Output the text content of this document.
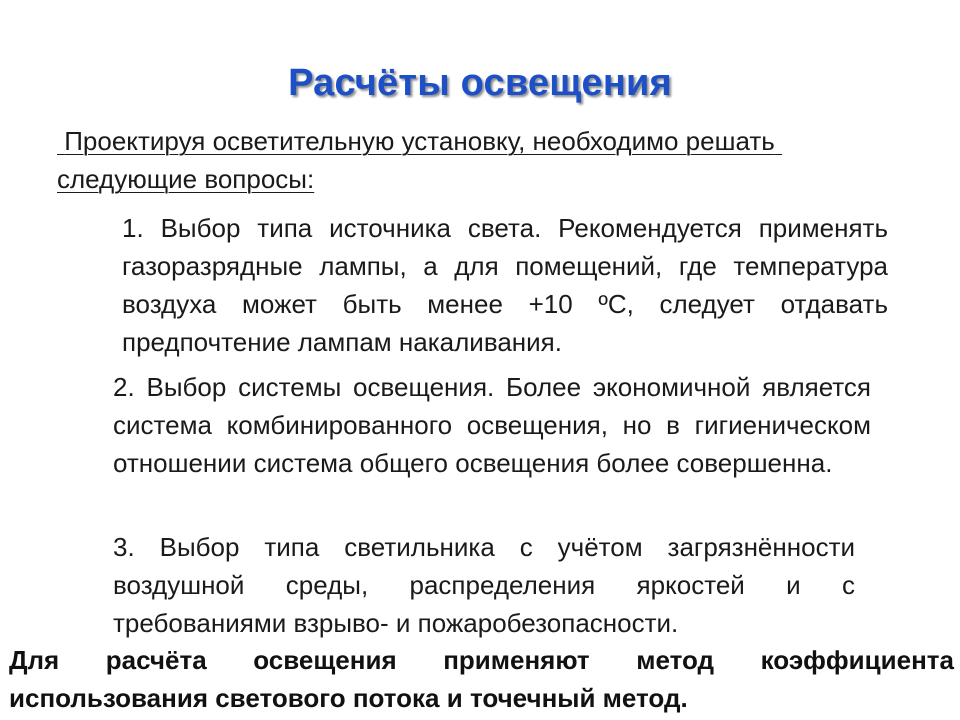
Расчёты освещения

Проектируя осветительную установку, необходимо решать следующие вопросы:

1. Выбор типа источника света. Рекомендуется применять газоразрядные лампы, а для помещений, где температура воздуха может быть менее +10 ºС, следует отдавать предпочтение лампам накаливания.

2. Выбор системы освещения. Более экономичной является система комбинированного освещения, но в гигиеническом отношении система общего освещения более совершенна.

3. Выбор типа светильника с учётом загрязнённости воздушной среды, распределения яркостей и с требованиями взрыво- и пожаробезопасности.

Для расчёта освещения применяют метод коэффициента использования светового потока и точечный метод.
